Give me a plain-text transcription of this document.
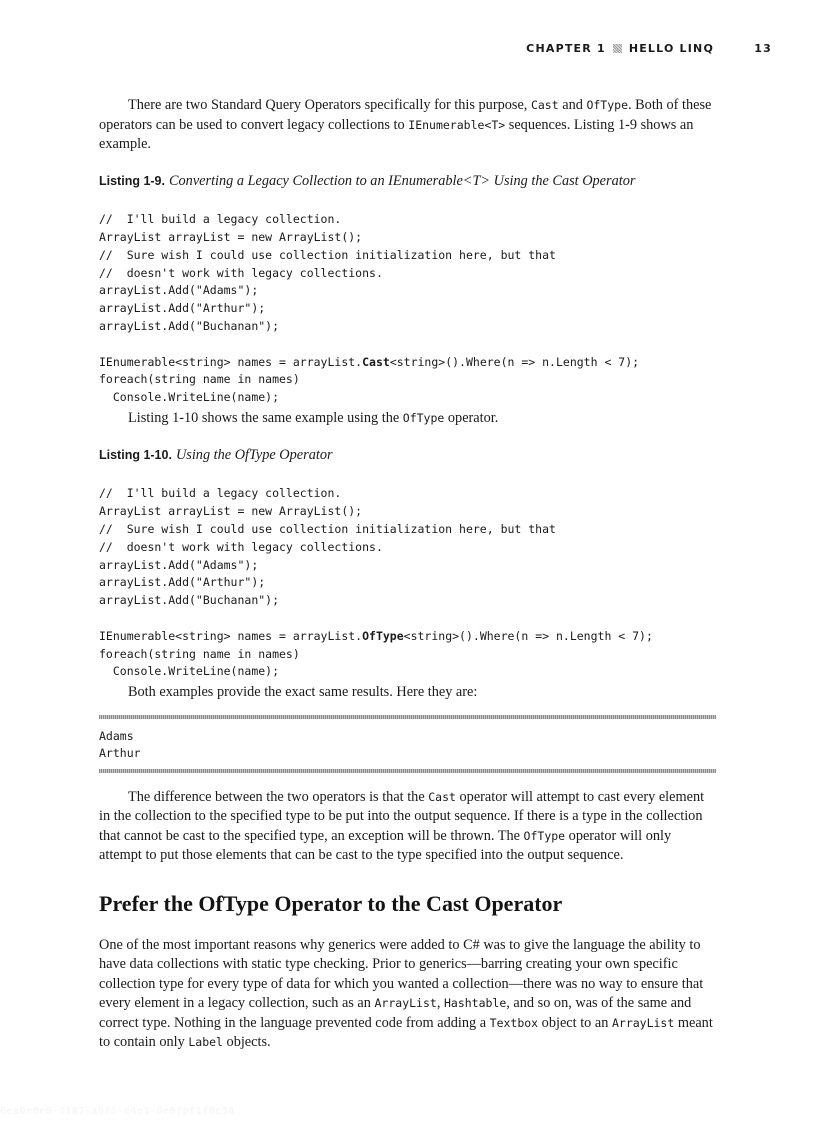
CHAPTER 1 HELLO LINQ	13

There are two Standard Query Operators specifically for this purpose, Cast and OfType. Both of these operators can be used to convert legacy collections to IEnumerable<T> sequences. Listing 1-9 shows an example.

Listing 1-9. Converting a Legacy Collection to an IEnumerable<T> Using the Cast Operator

//  I'll build a legacy collection.
ArrayList arrayList = new ArrayList();
//  Sure wish I could use collection initialization here, but that
//  doesn't work with legacy collections.
arrayList.Add("Adams");
arrayList.Add("Arthur");
arrayList.Add("Buchanan");
IEnumerable<string> names = arrayList.Cast<string>().Where(n => n.Length < 7);
foreach(string name in names)
Console.WriteLine(name);

Listing 1-10 shows the same example using the OfType operator.

Listing 1-10. Using the OfType Operator

//  I'll build a legacy collection.
ArrayList arrayList = new ArrayList();
//  Sure wish I could use collection initialization here, but that
//  doesn't work with legacy collections.
arrayList.Add("Adams");
arrayList.Add("Arthur");
arrayList.Add("Buchanan");
IEnumerable<string> names = arrayList.OfType<string>().Where(n => n.Length < 7);
foreach(string name in names)
Console.WriteLine(name);

Both examples provide the exact same results. Here they are:

Adams
Arthur

The difference between the two operators is that the Cast operator will attempt to cast every element in the collection to the specified type to be put into the output sequence. If there is a type in the collection that cannot be cast to the specified type, an exception will be thrown. The OfType operator will only attempt to put those elements that can be cast to the type specified into the output sequence.

Prefer the OfType Operator to the Cast Operator

One of the most important reasons why generics were added to C# was to give the language the ability to have data collections with static type checking. Prior to generics—barring creating your own specific collection type for every type of data for which you wanted a collection—there was no way to ensure that every element in a legacy collection, such as an ArrayList, Hashtable, and so on, was of the same and correct type. Nothing in the language prevented code from adding a Textbox object to an ArrayList meant to contain only Label objects.

6ea0e0e0-4187-a9f5-e4e1-8e0f0f1f0c34
